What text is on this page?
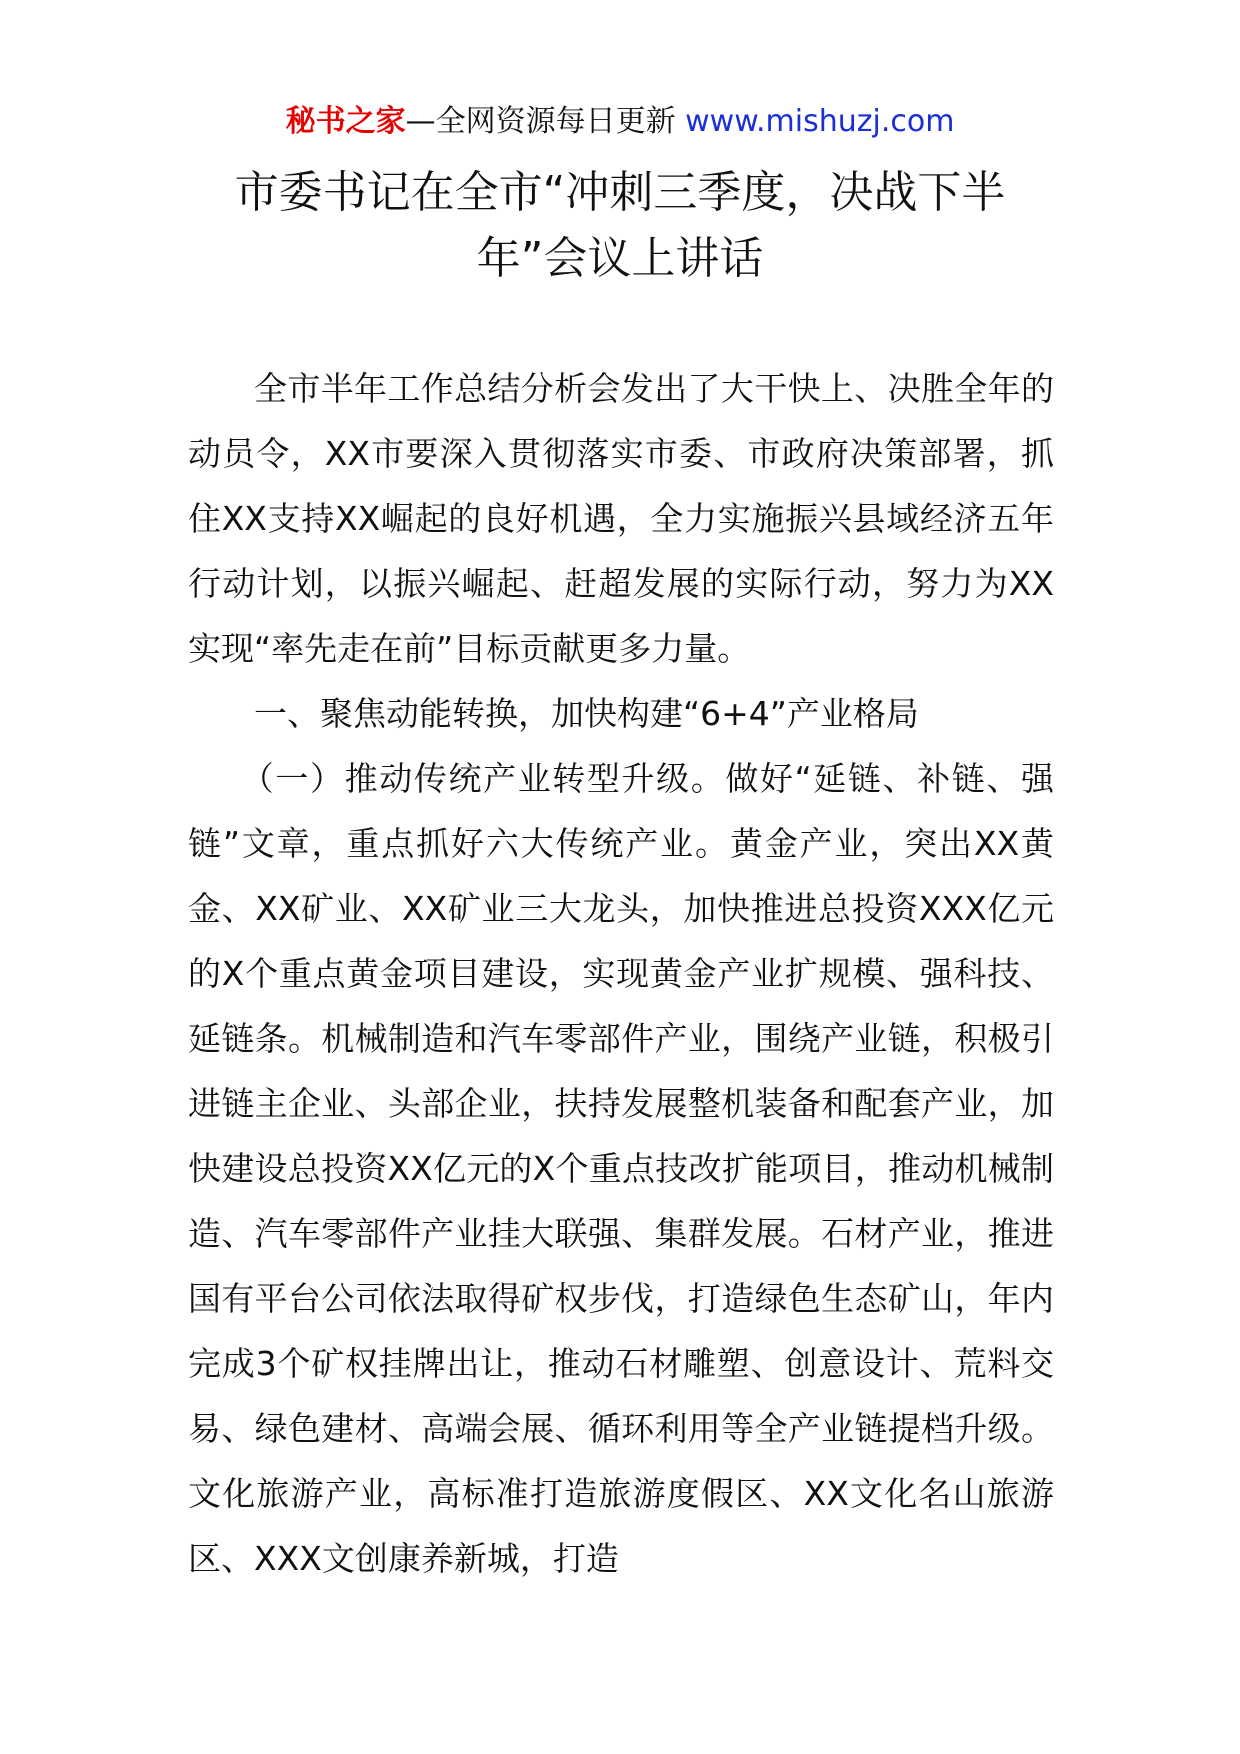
秘书之家—全网资源每日更新 www.mishuzj.com
市委书记在全市“冲刺三季度，决战下半年”会议上讲话

全市半年工作总结分析会发出了大干快上、决胜全年的动员令，XX市要深入贯彻落实市委、市政府决策部署，抓住XX支持XX崛起的良好机遇，全力实施振兴县域经济五年行动计划，以振兴崛起、赶超发展的实际行动，努力为XX实现“率先走在前”目标贡献更多力量。

一、聚焦动能转换，加快构建“6+4”产业格局

（一）推动传统产业转型升级。做好“延链、补链、强链”文章，重点抓好六大传统产业。黄金产业，突出XX黄金、XX矿业、XX矿业三大龙头，加快推进总投资XXX亿元的X个重点黄金项目建设，实现黄金产业扩规模、强科技、延链条。机械制造和汽车零部件产业，围绕产业链，积极引进链主企业、头部企业，扶持发展整机装备和配套产业，加快建设总投资XX亿元的X个重点技改扩能项目，推动机械制造、汽车零部件产业挂大联强、集群发展。石材产业，推进国有平台公司依法取得矿权步伐，打造绿色生态矿山，年内完成3个矿权挂牌出让，推动石材雕塑、创意设计、荒料交易、绿色建材、高端会展、循环利用等全产业链提档升级。文化旅游产业，高标准打造旅游度假区、XX文化名山旅游区、XXX文创康养新城，打造
